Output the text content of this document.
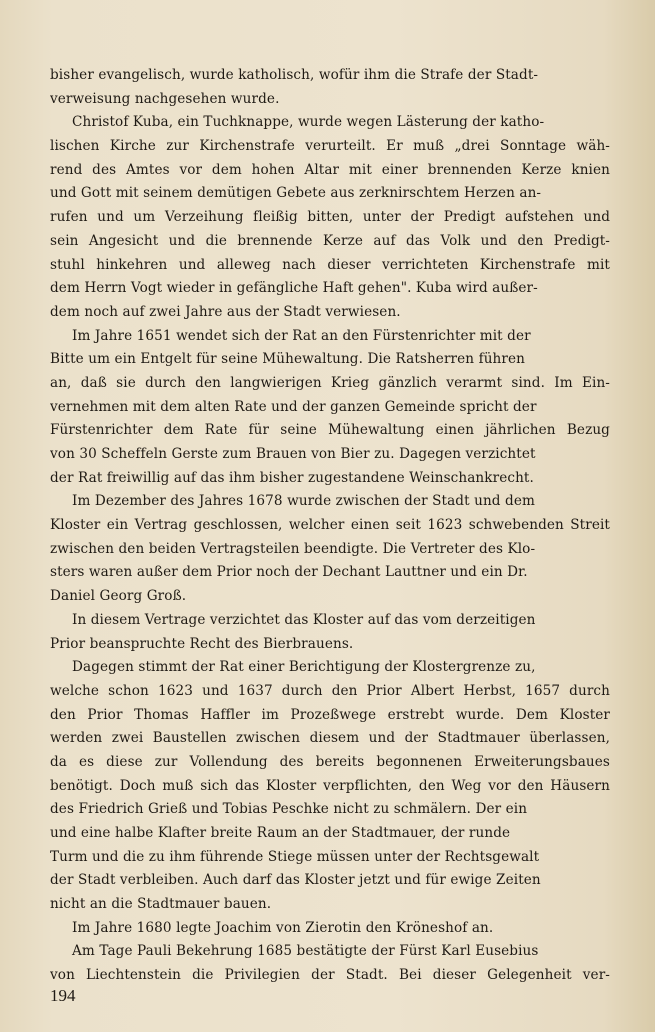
bisher evangelisch, wurde katholisch, wofür ihm die Strafe der Stadt-
verweisung nachgesehen wurde.
Christof Kuba, ein Tuchknappe, wurde wegen Lästerung der katho-
lischen Kirche zur Kirchenstrafe verurteilt. Er muß „drei Sonntage wäh-
rend des Amtes vor dem hohen Altar mit einer brennenden Kerze knien
und Gott mit seinem demütigen Gebete aus zerknirschtem Herzen an-
rufen und um Verzeihung fleißig bitten, unter der Predigt aufstehen und
sein Angesicht und die brennende Kerze auf das Volk und den Predigt-
stuhl hinkehren und alleweg nach dieser verrichteten Kirchenstrafe mit
dem Herrn Vogt wieder in gefängliche Haft gehen". Kuba wird außer-
dem noch auf zwei Jahre aus der Stadt verwiesen.
Im Jahre 1651 wendet sich der Rat an den Fürstenrichter mit der
Bitte um ein Entgelt für seine Mühewaltung. Die Ratsherren führen
an, daß sie durch den langwierigen Krieg gänzlich verarmt sind. Im Ein-
vernehmen mit dem alten Rate und der ganzen Gemeinde spricht der
Fürstenrichter dem Rate für seine Mühewaltung einen jährlichen Bezug
von 30 Scheffeln Gerste zum Brauen von Bier zu. Dagegen verzichtet
der Rat freiwillig auf das ihm bisher zugestandene Weinschankrecht.
Im Dezember des Jahres 1678 wurde zwischen der Stadt und dem
Kloster ein Vertrag geschlossen, welcher einen seit 1623 schwebenden Streit
zwischen den beiden Vertragsteilen beendigte. Die Vertreter des Klo-
sters waren außer dem Prior noch der Dechant Lauttner und ein Dr.
Daniel Georg Groß.
In diesem Vertrage verzichtet das Kloster auf das vom derzeitigen
Prior beanspruchte Recht des Bierbrauens.
Dagegen stimmt der Rat einer Berichtigung der Klostergrenze zu,
welche schon 1623 und 1637 durch den Prior Albert Herbst, 1657 durch
den Prior Thomas Haffler im Prozeßwege erstrebt wurde. Dem Kloster
werden zwei Baustellen zwischen diesem und der Stadtmauer überlassen,
da es diese zur Vollendung des bereits begonnenen Erweiterungsbaues
benötigt. Doch muß sich das Kloster verpflichten, den Weg vor den Häusern
des Friedrich Grieß und Tobias Peschke nicht zu schmälern. Der ein
und eine halbe Klafter breite Raum an der Stadtmauer, der runde
Turm und die zu ihm führende Stiege müssen unter der Rechtsgewalt
der Stadt verbleiben. Auch darf das Kloster jetzt und für ewige Zeiten
nicht an die Stadtmauer bauen.
Im Jahre 1680 legte Joachim von Zierotin den Kröneshof an.
Am Tage Pauli Bekehrung 1685 bestätigte der Fürst Karl Eusebius
von Liechtenstein die Privilegien der Stadt. Bei dieser Gelegenheit ver-
194
